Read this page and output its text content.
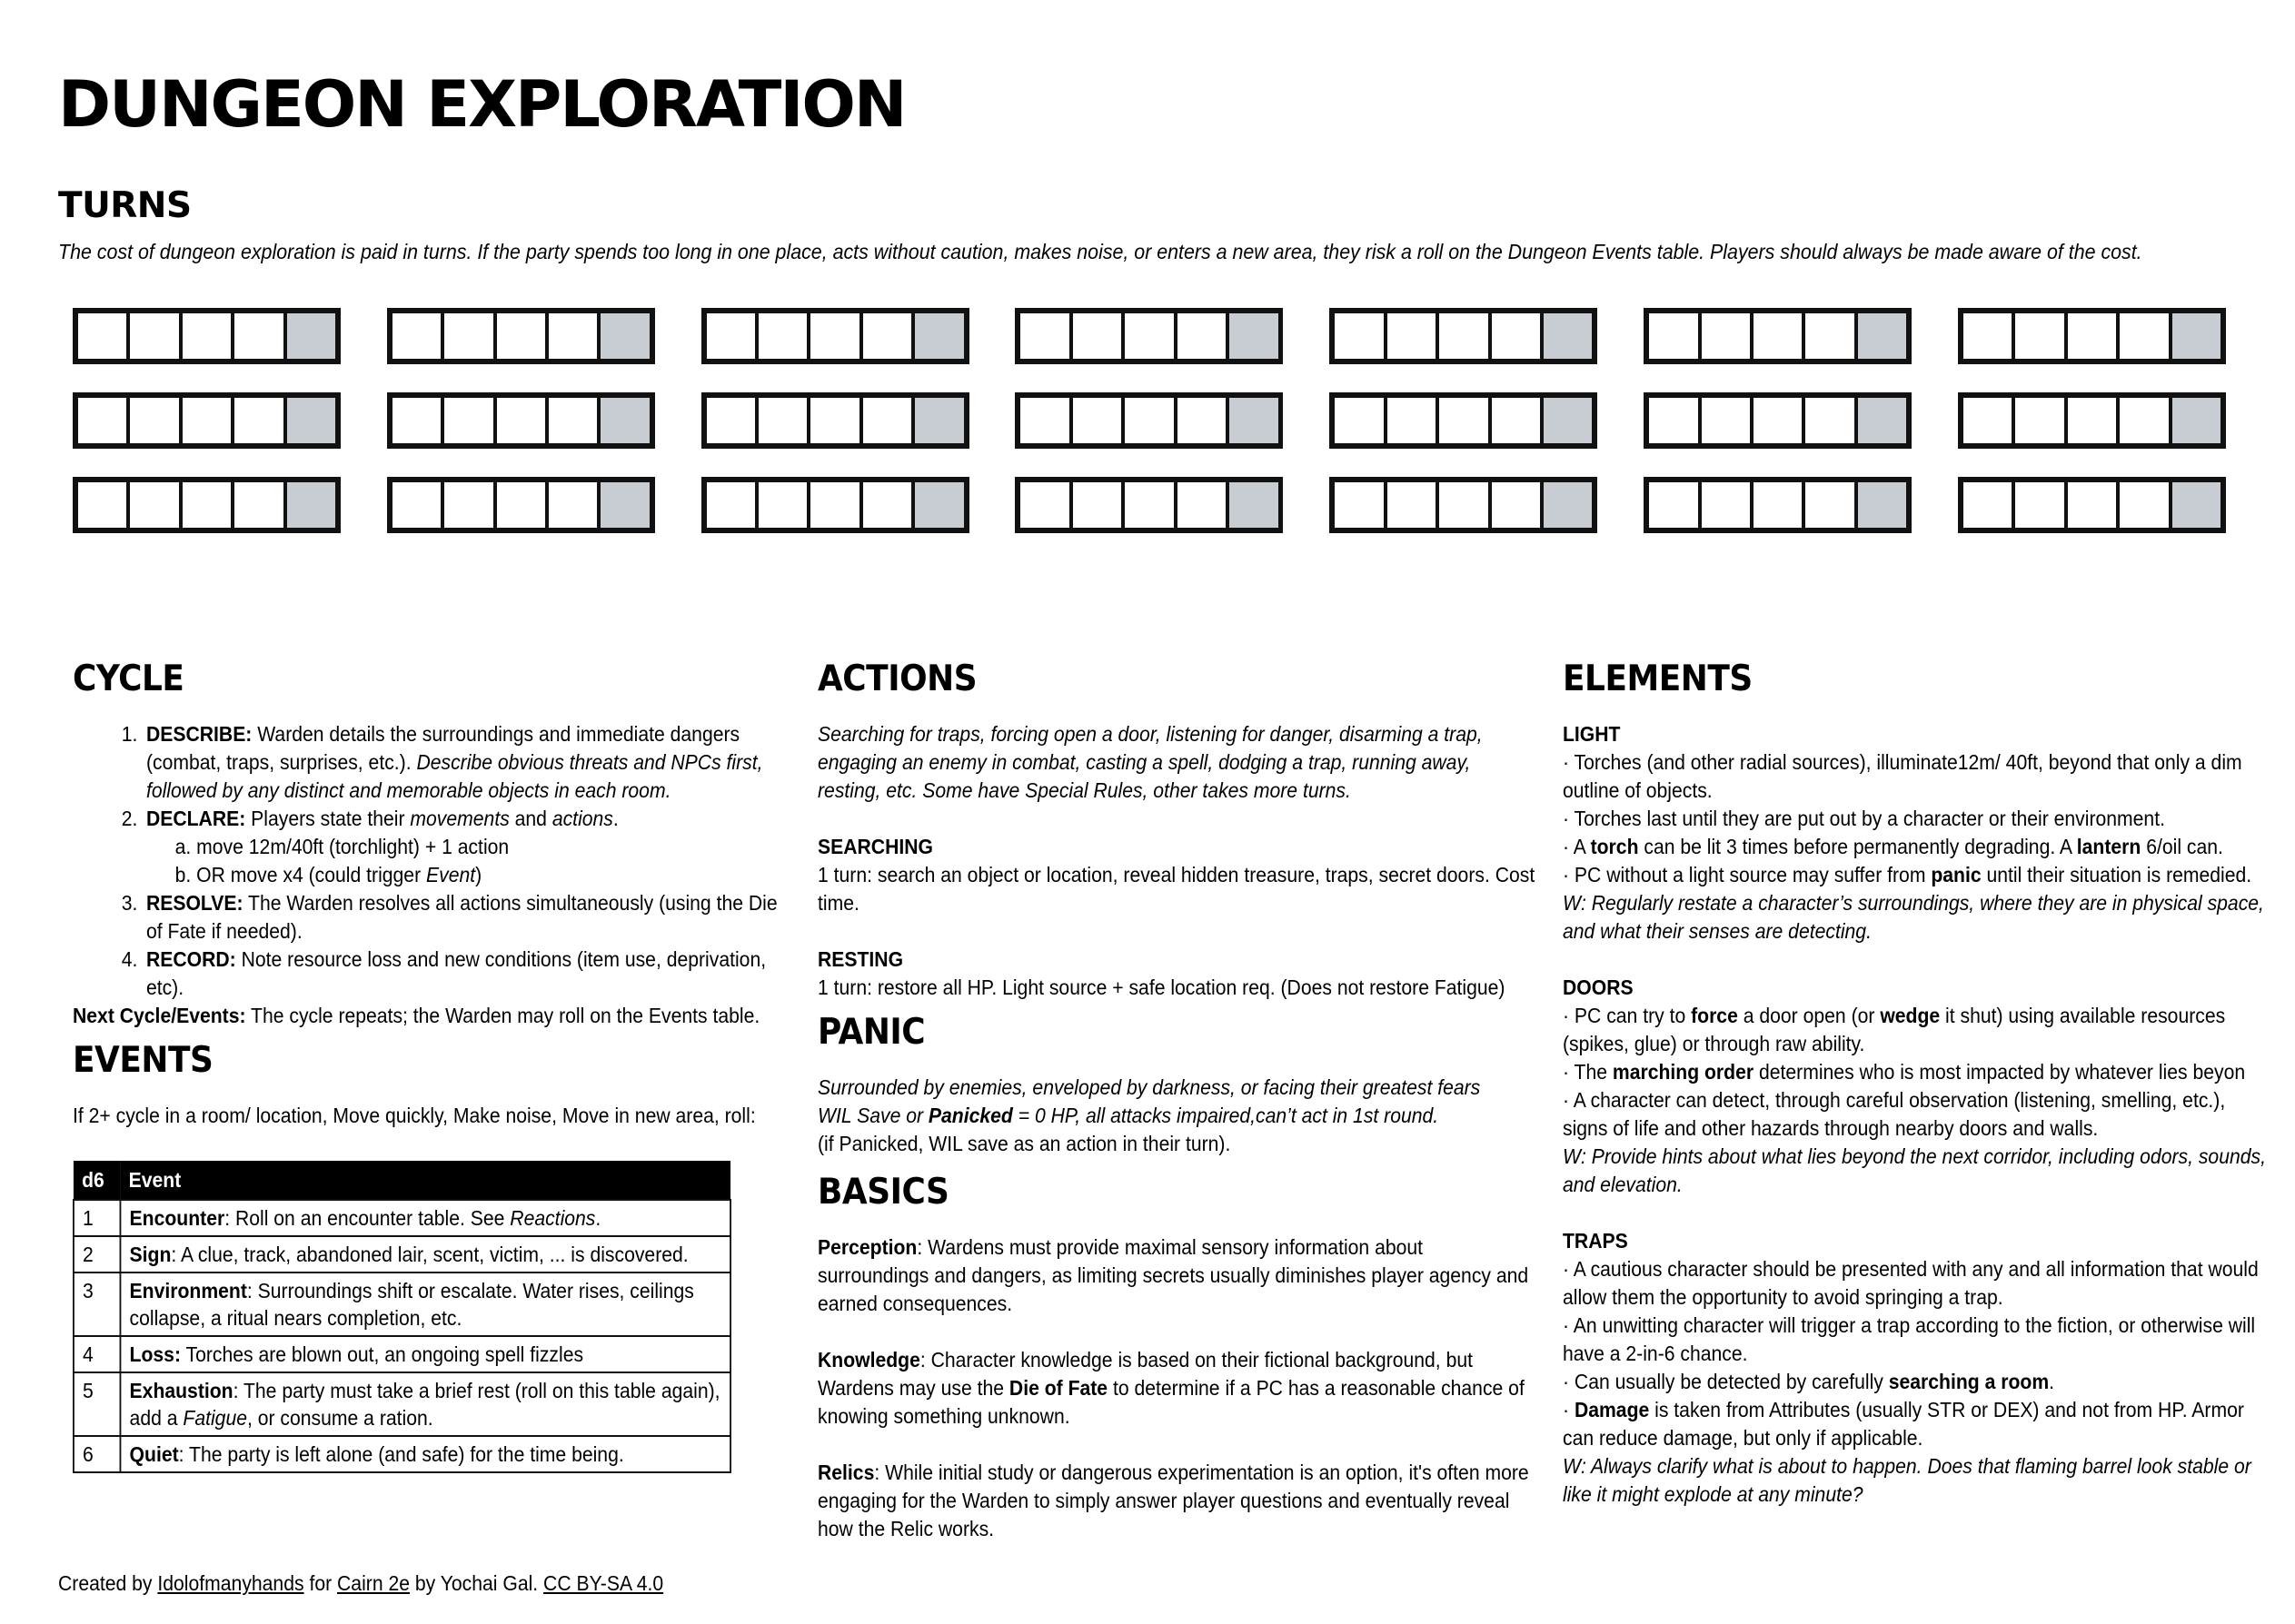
DUNGEON EXPLORATION
TURNS
The cost of dungeon exploration is paid in turns. If the party spends too long in one place, acts without caution, makes noise, or enters a new area, they risk a roll on the Dungeon Events table. Players should always be made aware of the cost.
CYCLE
1. DESCRIBE: Warden details the surroundings and immediate dangers (combat, traps, surprises, etc.). Describe obvious threats and NPCs first, followed by any distinct and memorable objects in each room.
2. DECLARE: Players state their movements and actions.
a. move 12m/40ft (torchlight) + 1 action
b. OR move x4 (could trigger Event)
3. RESOLVE: The Warden resolves all actions simultaneously (using the Die of Fate if needed).
4. RECORD: Note resource loss and new conditions (item use, deprivation, etc).

Next Cycle/Events: The cycle repeats; the Warden may roll on the Events table.

EVENTS

If 2+ cycle in a room/ location, Move quickly, Make noise, Move in new area, roll:

d6	Event
1	Encounter: Roll on an encounter table. See Reactions.
2	Sign: A clue, track, abandoned lair, scent, victim, ... is discovered.
3	Environment: Surroundings shift or escalate. Water rises, ceilings collapse, a ritual nears completion, etc.
4	Loss: Torches are blown out, an ongoing spell fizzles
5	Exhaustion: The party must take a brief rest (roll on this table again), add a Fatigue, or consume a ration.
6	Quiet: The party is left alone (and safe) for the time being.
ACTIONS

Searching for traps, forcing open a door, listening for danger, disarming a trap, engaging an enemy in combat, casting a spell, dodging a trap, running away, resting, etc. Some have Special Rules, other takes more turns.

SEARCHING

1 turn: search an object or location, reveal hidden treasure, traps, secret doors. Cost time.

RESTING

1 turn: restore all HP. Light source + safe location req. (Does not restore Fatigue)

PANIC

Surrounded by enemies, enveloped by darkness, or facing their greatest fears
WIL Save or Panicked = 0 HP, all attacks impaired,can’t act in 1st round.
(if Panicked, WIL save as an action in their turn).

BASICS

Perception: Wardens must provide maximal sensory information about surroundings and dangers, as limiting secrets usually diminishes player agency and earned consequences.

Knowledge: Character knowledge is based on their fictional background, but Wardens may use the Die of Fate to determine if a PC has a reasonable chance of knowing something unknown.

Relics: While initial study or dangerous experimentation is an option, it's often more engaging for the Warden to simply answer player questions and eventually reveal how the Relic works.

ELEMENTS

LIGHT

· Torches (and other radial sources), illuminate12m/ 40ft, beyond that only a dim outline of objects.

· Torches last until they are put out by a character or their environment.

· A torch can be lit 3 times before permanently degrading. A lantern 6/oil can.

· PC without a light source may suffer from panic until their situation is remedied.

W: Regularly restate a character’s surroundings, where they are in physical space, and what their senses are detecting.

DOORS

· PC can try to force a door open (or wedge it shut) using available resources (spikes, glue) or through raw ability.

· The marching order determines who is most impacted by whatever lies beyon

· A character can detect, through careful observation (listening, smelling, etc.), signs of life and other hazards through nearby doors and walls.

W: Provide hints about what lies beyond the next corridor, including odors, sounds, and elevation.

TRAPS

· A cautious character should be presented with any and all information that would allow them the opportunity to avoid springing a trap.

· An unwitting character will trigger a trap according to the fiction, or otherwise will have a 2-in-6 chance.

· Can usually be detected by carefully searching a room.

· Damage is taken from Attributes (usually STR or DEX) and not from HP. Armor can reduce damage, but only if applicable.

W: Always clarify what is about to happen. Does that flaming barrel look stable or like it might explode at any minute?

Created by Idolofmanyhands for Cairn 2e by Yochai Gal. CC BY-SA 4.0
